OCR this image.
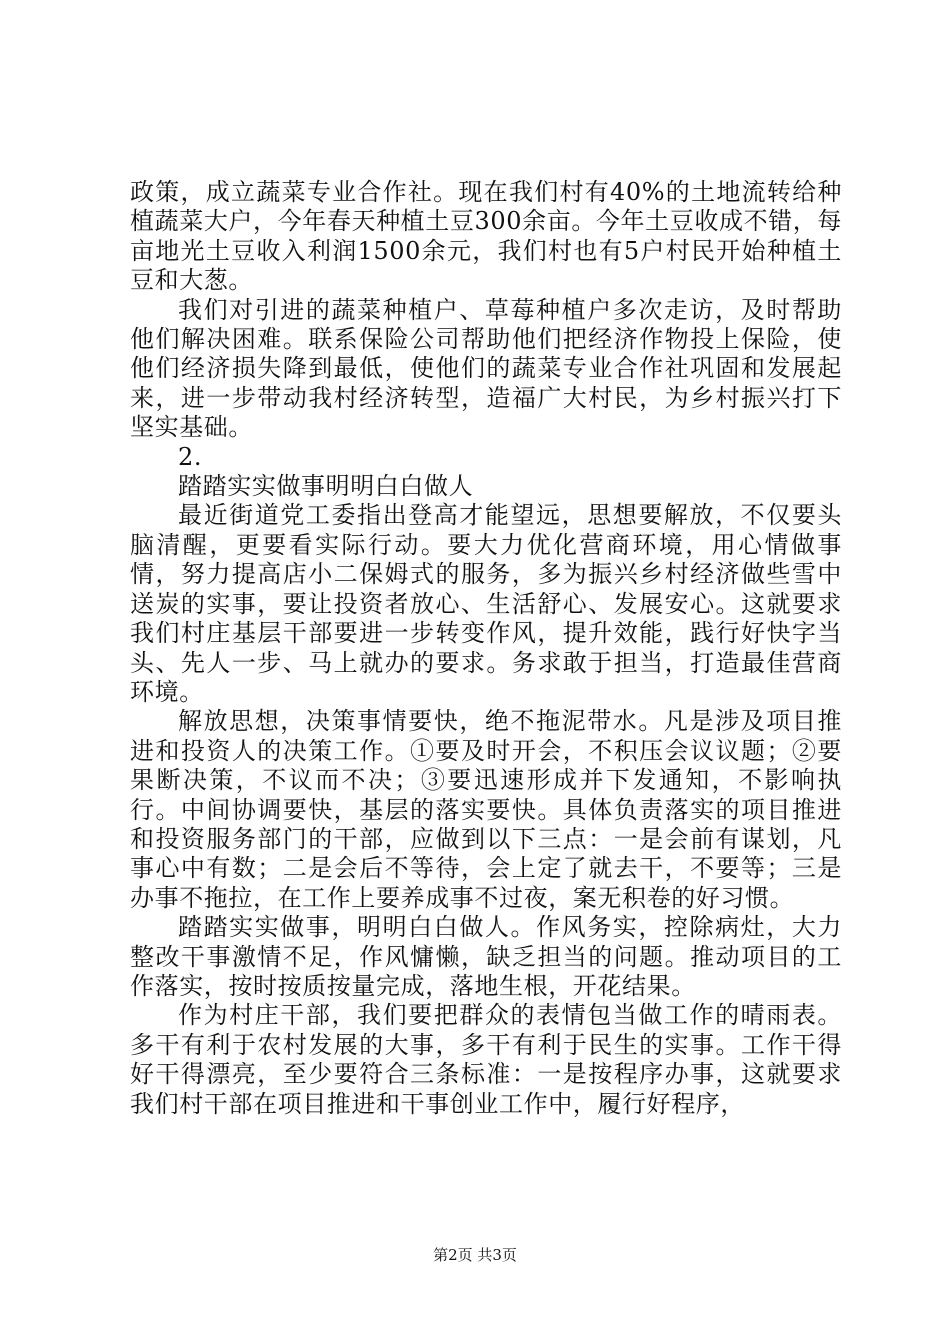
政策，成立蔬菜专业合作社。现在我们村有40%的土地流转给种植蔬菜大户，今年春天种植土豆300余亩。今年土豆收成不错，每亩地光土豆收入利润1500余元，我们村也有5户村民开始种植土豆和大葱。

我们对引进的蔬菜种植户、草莓种植户多次走访，及时帮助他们解决困难。联系保险公司帮助他们把经济作物投上保险，使他们经济损失降到最低，使他们的蔬菜专业合作社巩固和发展起来，进一步带动我村经济转型，造福广大村民，为乡村振兴打下坚实基础。

2.

踏踏实实做事明明白白做人

最近街道党工委指出登高才能望远，思想要解放，不仅要头脑清醒，更要看实际行动。要大力优化营商环境，用心情做事情，努力提高店小二保姆式的服务，多为振兴乡村经济做些雪中送炭的实事，要让投资者放心、生活舒心、发展安心。这就要求我们村庄基层干部要进一步转变作风，提升效能，践行好快字当头、先人一步、马上就办的要求。务求敢于担当，打造最佳营商环境。

解放思想，决策事情要快，绝不拖泥带水。凡是涉及项目推进和投资人的决策工作。①要及时开会，不积压会议议题；②要果断决策，不议而不决；③要迅速形成并下发通知，不影响执行。中间协调要快，基层的落实要快。具体负责落实的项目推进和投资服务部门的干部，应做到以下三点：一是会前有谋划，凡事心中有数；二是会后不等待，会上定了就去干，不要等；三是办事不拖拉，在工作上要养成事不过夜，案无积卷的好习惯。

踏踏实实做事，明明白白做人。作风务实，控除病灶，大力整改干事激情不足，作风慵懒，缺乏担当的问题。推动项目的工作落实，按时按质按量完成，落地生根，开花结果。

作为村庄干部，我们要把群众的表情包当做工作的晴雨表。多干有利于农村发展的大事，多干有利于民生的实事。工作干得好干得漂亮，至少要符合三条标准：一是按程序办事，这就要求我们村干部在项目推进和干事创业工作中，履行好程序，

第2页 共3页
